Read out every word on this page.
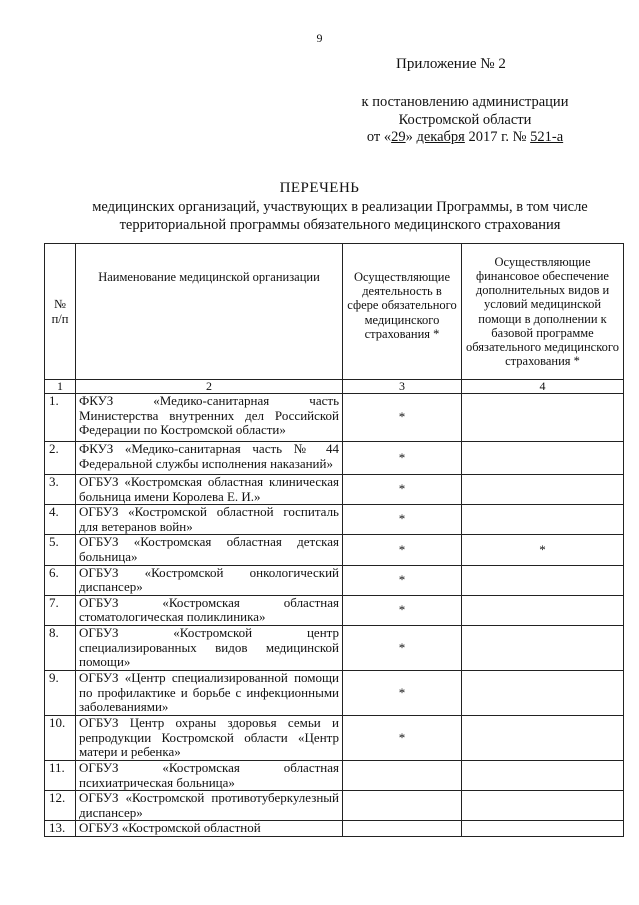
9
Приложение № 2
к постановлению администрации
Костромской области
от «29» декабря 2017 г. № 521-а
ПЕРЕЧЕНЬ
медицинских организаций, участвующих в реализации Программы, в том числе территориальной программы обязательного медицинского страхования
№ п/п	Наименование медицинской организации	Осуществляющие деятельность в сфере обязательного медицинского страхования *	Осуществляющие финансовое обеспечение дополнительных видов и условий медицинской помощи в дополнении к базовой программе обязательного медицинского страхования *
1	2	3	4
1.	ФКУЗ «Медико-санитарная часть Министерства внутренних дел Российской Федерации по Костромской области»	*	
2.	ФКУЗ «Медико-санитарная часть № 44 Федеральной службы исполнения наказаний»	*	
3.	ОГБУЗ «Костромская областная клиническая больница имени Королева Е. И.»	*	
4.	ОГБУЗ «Костромской областной госпиталь для ветеранов войн»	*	
5.	ОГБУЗ «Костромская областная детская больница»	*	*
6.	ОГБУЗ «Костромской онкологический диспансер»	*	
7.	ОГБУЗ «Костромская областная стоматологическая поликлиника»	*	
8.	ОГБУЗ «Костромской центр специализированных видов медицинской помощи»	*	
9.	ОГБУЗ «Центр специализированной помощи по профилактике и борьбе с инфекционными заболеваниями»	*	
10.	ОГБУЗ Центр охраны здоровья семьи и репродукции Костромской области «Центр матери и ребенка»	*	
11.	ОГБУЗ «Костромская областная психиатрическая больница»		
12.	ОГБУЗ «Костромской противотуберкулезный диспансер»		
13.	ОГБУЗ «Костромской областной		
